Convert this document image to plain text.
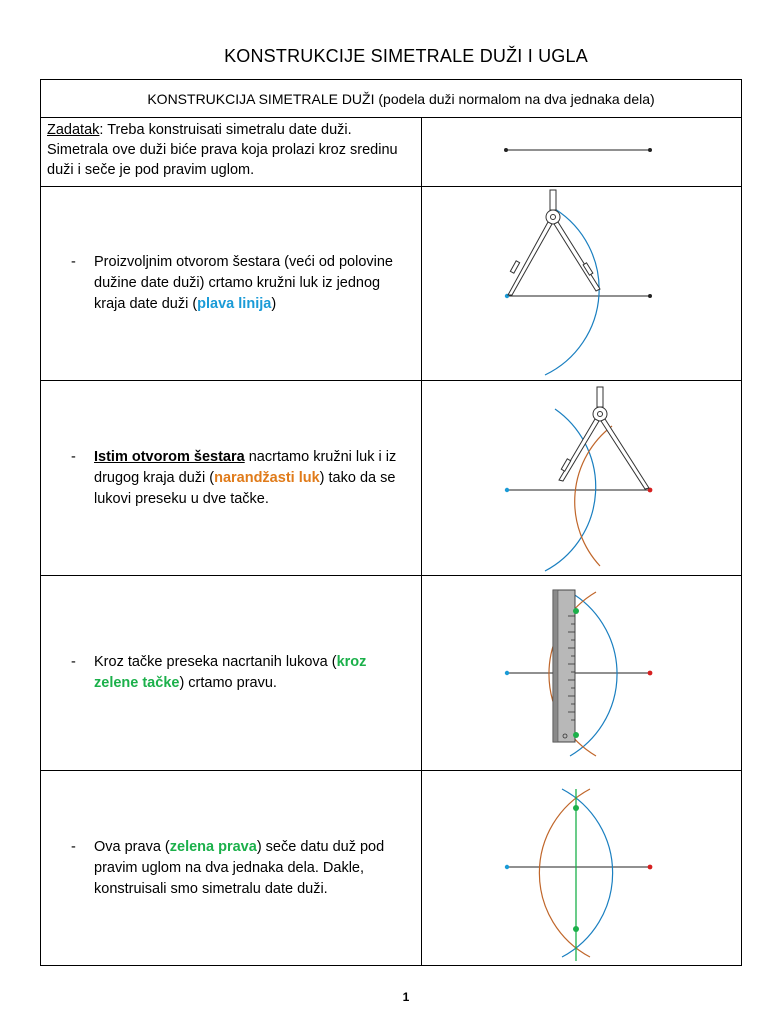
KONSTRUKCIJE SIMETRALE DUŽI I UGLA
KONSTRUKCIJA SIMETRALE DUŽI (podela duži normalom na dva jednaka dela)	
Zadatak: Treba konstruisati simetralu date duži. Simetrala ove duži biće prava koja prolazi kroz sredinu duži i seče je pod pravim uglom.	

- Proizvoljnim otvorom šestara (veći od polovine dužine date duži) crtamo kružni luk iz jednog kraja date duži (plava linija)

- Istim otvorom šestara nacrtamo kružni luk i iz drugog kraja duži (narandžasti luk) tako da se lukovi preseku u dve tačke.

- Kroz tačke preseka nacrtanih lukova (kroz zelene tačke) crtamo pravu.

- Ova prava (zelena prava) seče datu duž pod pravim uglom na dva jednaka dela. Dakle, konstruisali smo simetralu date duži.

1
